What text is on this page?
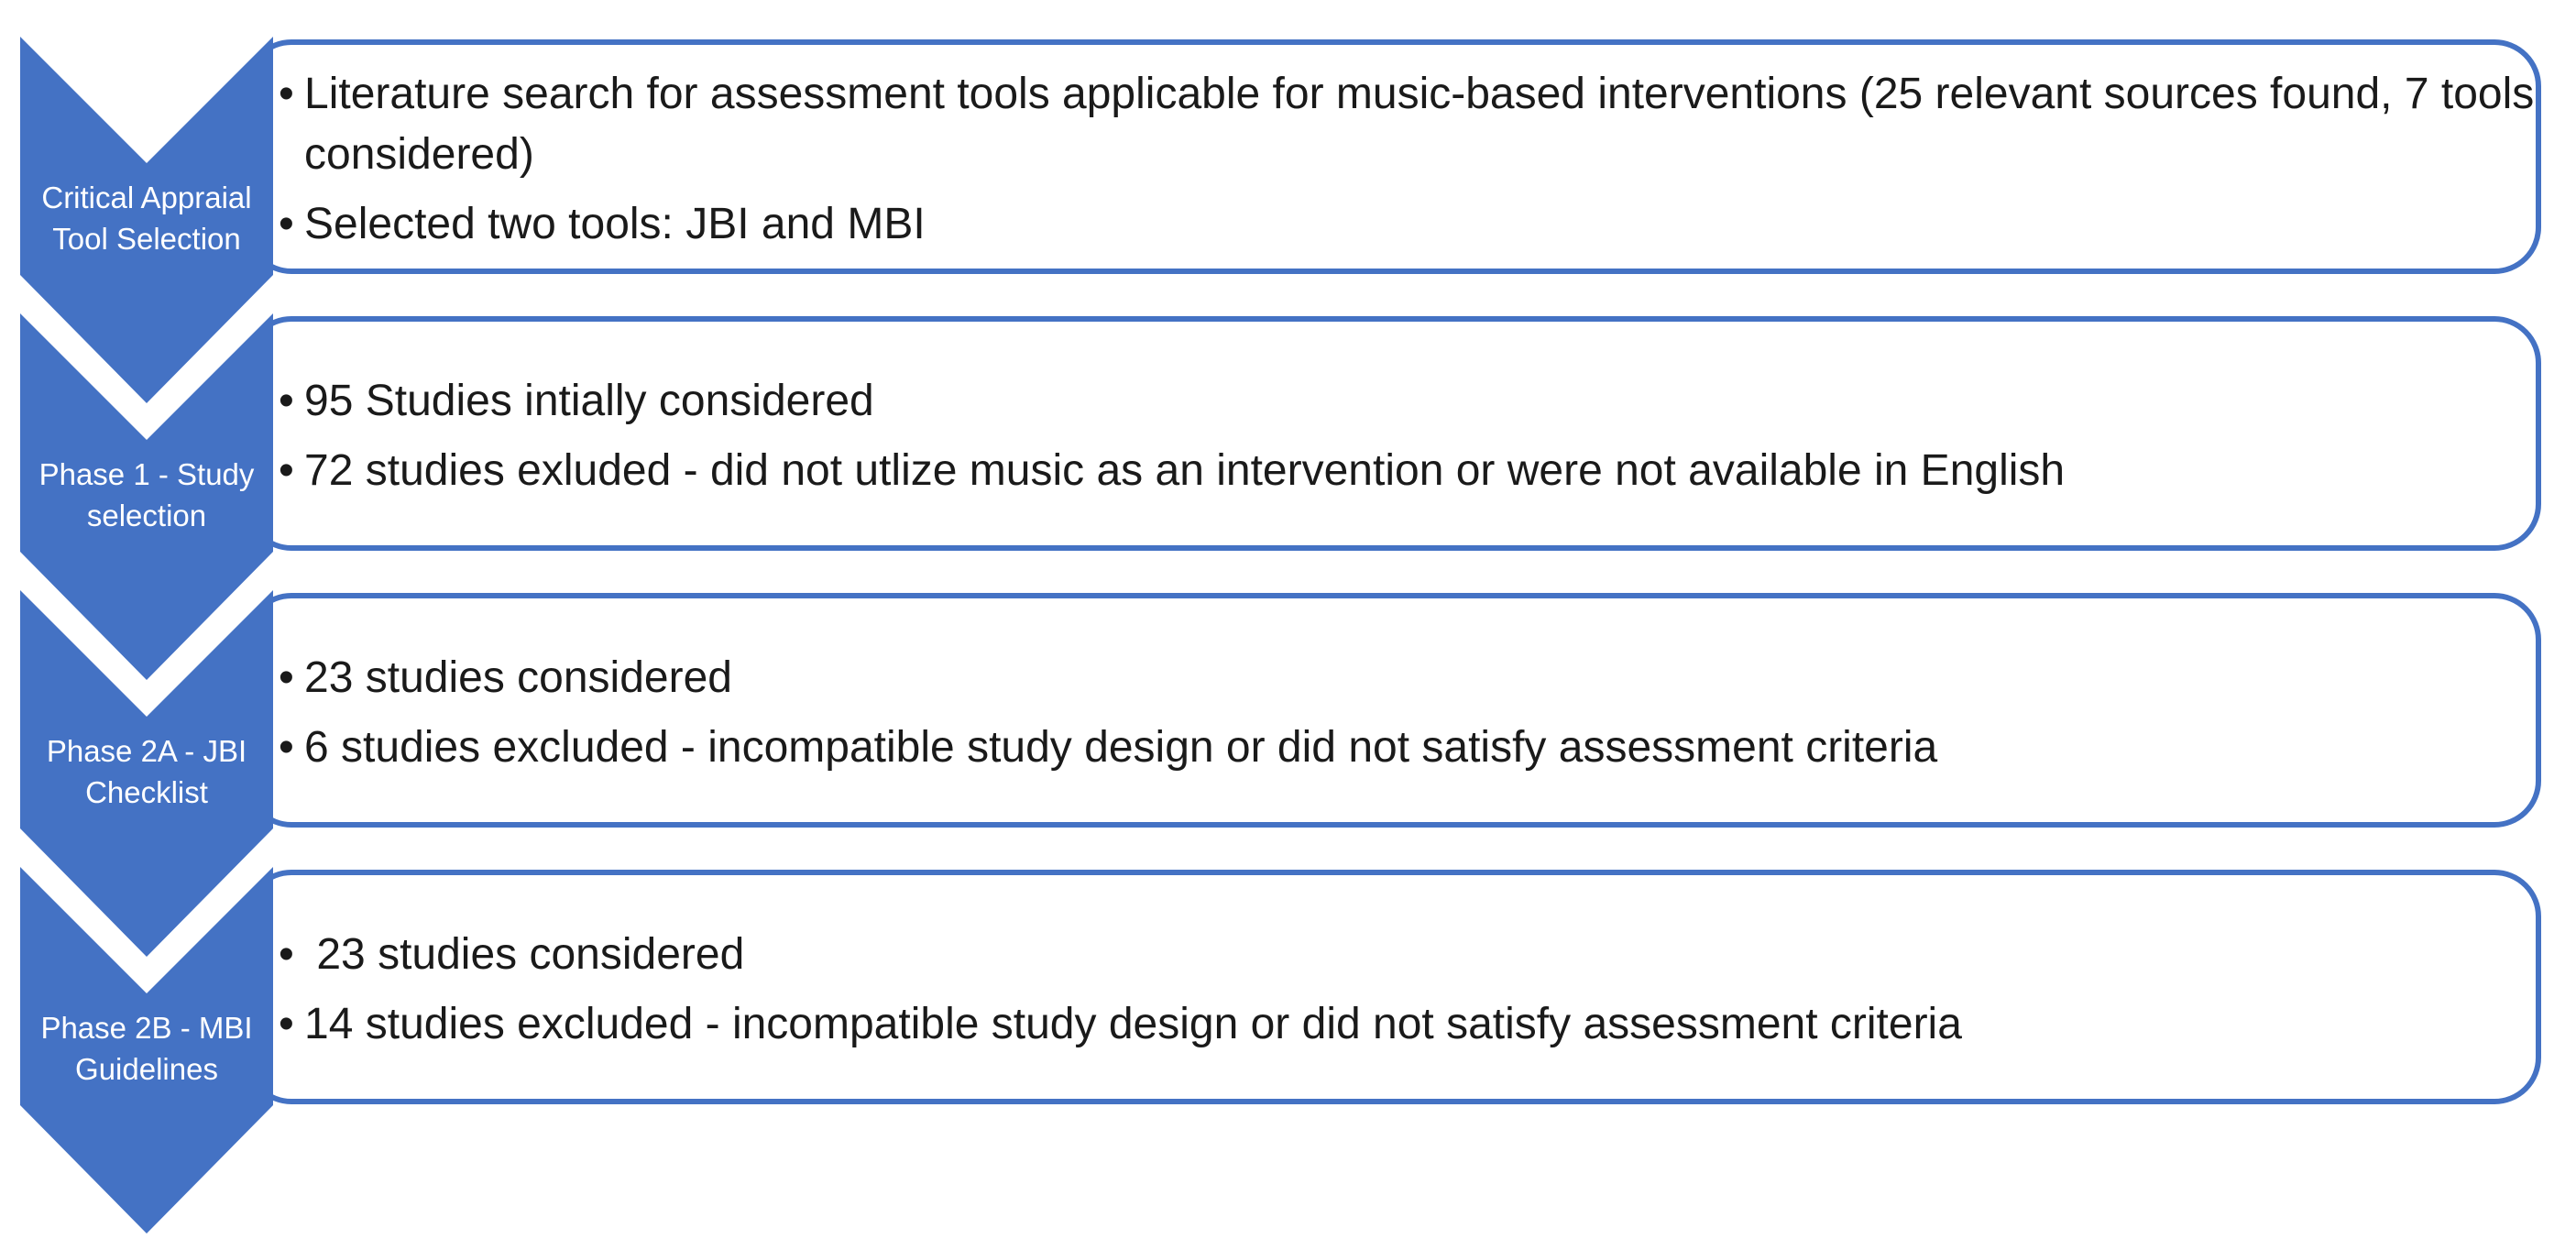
Critical Appraial Tool Selection
Phase 1 - Study selection
Phase 2A - JBI Checklist
Phase 2B - MBI Guidelines
• Literature search for assessment tools applicable for music-based interventions (25 relevant sources found, 7 tools considered)
• Selected two tools: JBI and MBI
• 95 Studies intially considered
• 72 studies exluded - did not utlize music as an intervention or were not available in English
• 23 studies considered
• 6 studies excluded - incompatible study design or did not satisfy assessment criteria
• 23 studies considered
• 14 studies excluded - incompatible study design or did not satisfy assessment criteria
